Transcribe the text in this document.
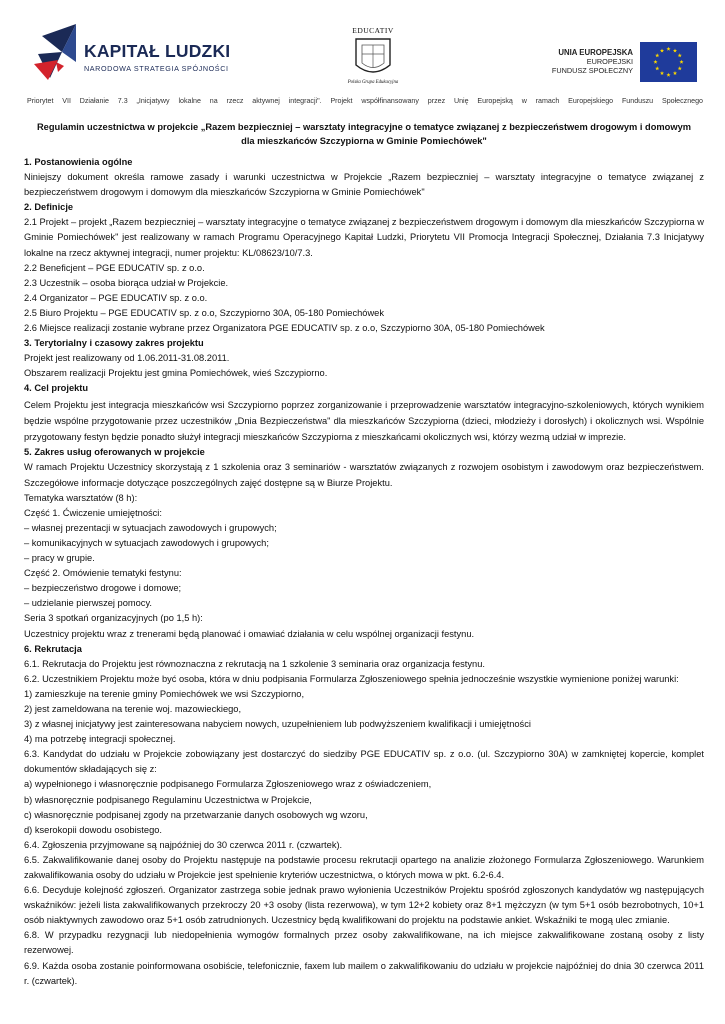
KAPITAŁ LUDZKI
NARODOWA STRATEGIA SPÓJNOŚCI
EDUCATIV
Polska Grupa Edukacyjna
UNIA EUROPEJSKA
EUROPEJSKI
FUNDUSZ SPOŁECZNY
Priorytet VII Działanie 7.3 „Inicjatywy lokalne na rzecz aktywnej integracji". Projekt współfinansowany przez Unię Europejską w ramach Europejskiego Funduszu Społecznego

Regulamin uczestnictwa w projekcie „Razem bezpieczniej – warsztaty integracyjne o tematyce związanej z bezpieczeństwem drogowym i domowym
dla mieszkańców Szczypiorna w Gminie Pomiechówek"

1. Postanowienia ogólne

Niniejszy dokument określa ramowe zasady i warunki uczestnictwa w Projekcie „Razem bezpieczniej – warsztaty integracyjne o tematyce związanej z bezpieczeństwem drogowym i domowym dla mieszkańców Szczypiorna w Gminie Pomiechówek"

2. Definicje

2.1 Projekt – projekt „Razem bezpieczniej – warsztaty integracyjne o tematyce związanej z bezpieczeństwem drogowym i domowym dla mieszkańców Szczypiorna w Gminie Pomiechówek" jest realizowany w ramach Programu Operacyjnego Kapitał Ludzki, Priorytetu VII Promocja Integracji Społecznej, Działania 7.3 Inicjatywy lokalne na rzecz aktywnej integracji, numer projektu: KL/08623/10/7.3.

2.2 Beneficjent – PGE EDUCATIV sp. z o.o.

2.3 Uczestnik – osoba biorąca udział w Projekcie.

2.4 Organizator – PGE EDUCATIV sp. z o.o.

2.5 Biuro Projektu – PGE EDUCATIV sp. z o.o, Szczypiorno 30A, 05-180 Pomiechówek

2.6 Miejsce realizacji zostanie wybrane przez Organizatora PGE EDUCATIV sp. z o.o, Szczypiorno 30A, 05-180 Pomiechówek

3. Terytorialny i czasowy zakres projektu

Projekt jest realizowany od 1.06.2011-31.08.2011.

Obszarem realizacji Projektu jest gmina Pomiechówek, wieś Szczypiorno.

4. Cel projektu

Celem Projektu jest integracja mieszkańców wsi Szczypiorno poprzez zorganizowanie i przeprowadzenie warsztatów integracyjno-szkoleniowych, których wynikiem będzie wspólne przygotowanie przez uczestników „Dnia Bezpieczeństwa" dla mieszkańców Szczypiorna (dzieci, młodzieży i dorosłych) i okolicznych wsi. Wspólnie przygotowany festyn będzie ponadto służył integracji mieszkańców Szczypiorna z mieszkańcami okolicznych wsi, którzy wezmą udział w imprezie.

5. Zakres usług oferowanych w projekcie

W ramach Projektu Uczestnicy skorzystają z 1 szkolenia oraz 3 seminariów - warsztatów związanych z rozwojem osobistym i zawodowym oraz bezpieczeństwem. Szczegółowe informacje dotyczące poszczególnych zajęć dostępne są w Biurze Projektu.

Tematyka warsztatów (8 h):

Część 1. Ćwiczenie umiejętności:

– własnej prezentacji w sytuacjach zawodowych i grupowych;

– komunikacyjnych w sytuacjach zawodowych i grupowych;

– pracy w grupie.

Część 2. Omówienie tematyki festynu:

– bezpieczeństwo drogowe i domowe;

– udzielanie pierwszej pomocy.

Seria 3 spotkań organizacyjnych (po 1,5 h):

Uczestnicy projektu wraz z trenerami będą planować i omawiać działania w celu wspólnej organizacji festynu.

6. Rekrutacja

6.1. Rekrutacja do Projektu jest równoznaczna z rekrutacją na 1 szkolenie 3 seminaria oraz organizacja festynu.

6.2. Uczestnikiem Projektu może być osoba, która w dniu podpisania Formularza Zgłoszeniowego spełnia jednocześnie wszystkie wymienione poniżej warunki:

1) zamieszkuje na terenie gminy Pomiechówek we wsi Szczypiorno,

2) jest zameldowana na terenie woj. mazowieckiego,

3) z własnej inicjatywy jest zainteresowana nabyciem nowych, uzupełnieniem lub podwyższeniem kwalifikacji i umiejętności

4) ma potrzebę integracji społecznej.

6.3. Kandydat do udziału w Projekcie zobowiązany jest dostarczyć do siedziby PGE EDUCATIV sp. z o.o. (ul. Szczypiorno 30A) w zamkniętej kopercie, komplet dokumentów składających się z:

a) wypełnionego i własnoręcznie podpisanego Formularza Zgłoszeniowego wraz z oświadczeniem,

b) własnoręcznie podpisanego Regulaminu Uczestnictwa w Projekcie,

c) własnoręcznie podpisanej zgody na przetwarzanie danych osobowych wg wzoru,

d) kserokopii dowodu osobistego.

6.4. Zgłoszenia przyjmowane są najpóźniej do 30 czerwca 2011 r. (czwartek).

6.5. Zakwalifikowanie danej osoby do Projektu następuje na podstawie procesu rekrutacji opartego na analizie złożonego Formularza Zgłoszeniowego. Warunkiem zakwalifikowania osoby do udziału w Projekcie jest spełnienie kryteriów uczestnictwa, o których mowa w pkt. 6.2-6.4.

6.6. Decyduje kolejność zgłoszeń. Organizator zastrzega sobie jednak prawo wyłonienia Uczestników Projektu spośród zgłoszonych kandydatów wg następujących wskaźników: jeżeli lista zakwalifikowanych przekroczy 20 +3 osoby (lista rezerwowa), w tym 12+2 kobiety oraz 8+1 mężczyzn (w tym 5+1 osób bezrobotnych, 10+1 osób niaktywnych zawodowo oraz 5+1 osób zatrudnionych. Uczestnicy będą kwalifikowani do projektu na podstawie ankiet. Wskaźniki te mogą ulec zmianie.

6.8. W przypadku rezygnacji lub niedopełnienia wymogów formalnych przez osoby zakwalifikowane, na ich miejsce zakwalifikowane zostaną osoby z listy rezerwowej.

6.9. Każda osoba zostanie poinformowana osobiście, telefonicznie, faxem lub mailem o zakwalifikowaniu do udziału w projekcie najpóźniej do dnia 30 czerwca 2011 r. (czwartek).
